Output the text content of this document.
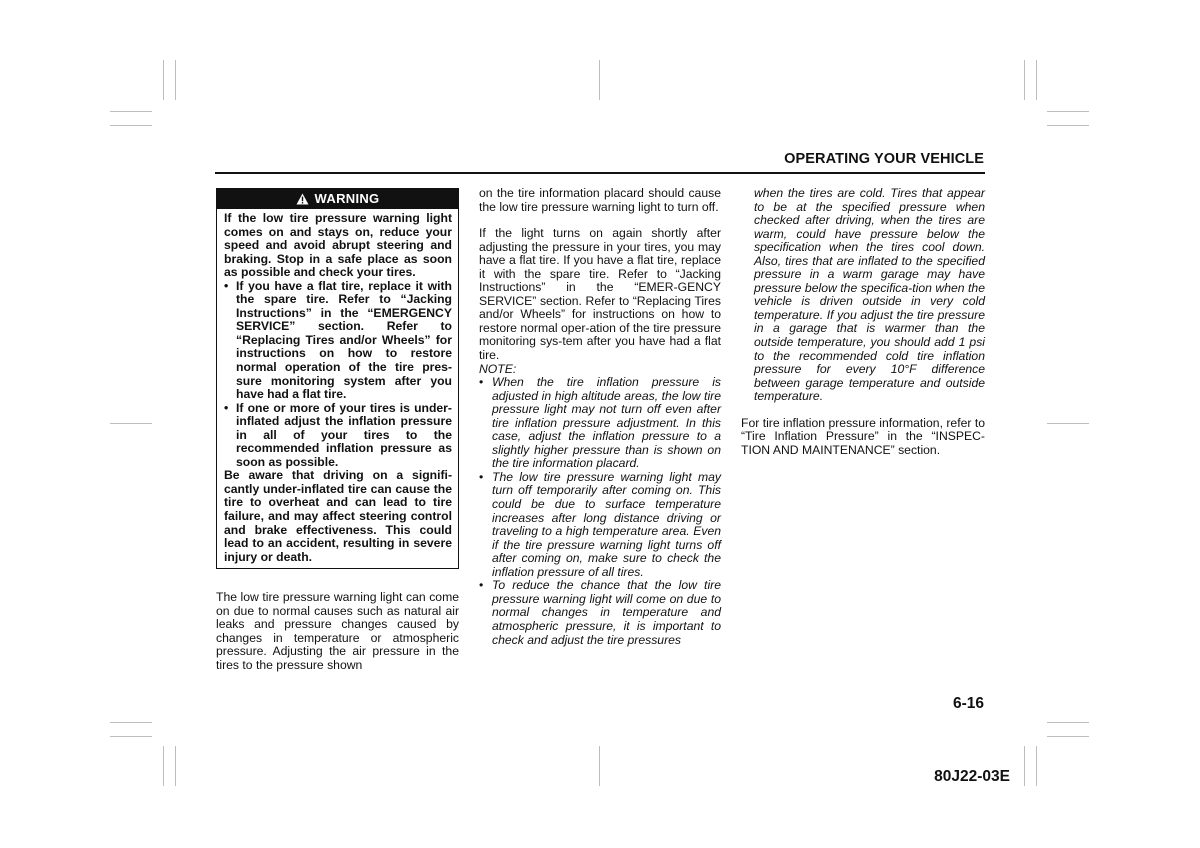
OPERATING YOUR VEHICLE
WARNING

If the low tire pressure warning light comes on and stays on, reduce your speed and avoid abrupt steering and braking. Stop in a safe place as soon as possible and check your tires.

• If you have a flat tire, replace it with the spare tire. Refer to “Jacking Instructions” in the “EMERGENCY SERVICE” section. Refer to “Replacing Tires and/or Wheels” for instructions on how to restore normal operation of the tire pres-sure monitoring system after you have had a flat tire.
• If one or more of your tires is under-inflated adjust the inflation pressure in all of your tires to the recommended inflation pressure as soon as possible.

Be aware that driving on a signifi-cantly under-inflated tire can cause the tire to overheat and can lead to tire failure, and may affect steering control and brake effectiveness. This could lead to an accident, resulting in severe injury or death.

The low tire pressure warning light can come on due to normal causes such as natural air leaks and pressure changes caused by changes in temperature or atmospheric pressure. Adjusting the air pressure in the tires to the pressure shown

on the tire information placard should cause the low tire pressure warning light to turn off.

If the light turns on again shortly after adjusting the pressure in your tires, you may have a flat tire. If you have a flat tire, replace it with the spare tire. Refer to “Jacking Instructions” in the “EMER-GENCY SERVICE” section. Refer to “Replacing Tires and/or Wheels” for instructions on how to restore normal oper-ation of the tire pressure monitoring sys-tem after you have had a flat tire.

NOTE:

• When the tire inflation pressure is adjusted in high altitude areas, the low tire pressure light may not turn off even after tire inflation pressure adjustment. In this case, adjust the inflation pressure to a slightly higher pressure than is shown on the tire information placard.
• The low tire pressure warning light may turn off temporarily after coming on. This could be due to surface temperature increases after long distance driving or traveling to a high temperature area. Even if the tire pressure warning light turns off after coming on, make sure to check the inflation pressure of all tires.
• To reduce the chance that the low tire pressure warning light will come on due to normal changes in temperature and atmospheric pressure, it is important to check and adjust the tire pressures

when the tires are cold. Tires that appear to be at the specified pressure when checked after driving, when the tires are warm, could have pressure below the specification when the tires cool down. Also, tires that are inflated to the specified pressure in a warm garage may have pressure below the specifica-tion when the vehicle is driven outside in very cold temperature. If you adjust the tire pressure in a garage that is warmer than the outside temperature, you should add 1 psi to the recommended cold tire inflation pressure for every 10°F difference between garage temperature and outside temperature.

For tire inflation pressure information, refer to “Tire Inflation Pressure” in the “INSPEC-TION AND MAINTENANCE” section.

6-16
80J22-03E
